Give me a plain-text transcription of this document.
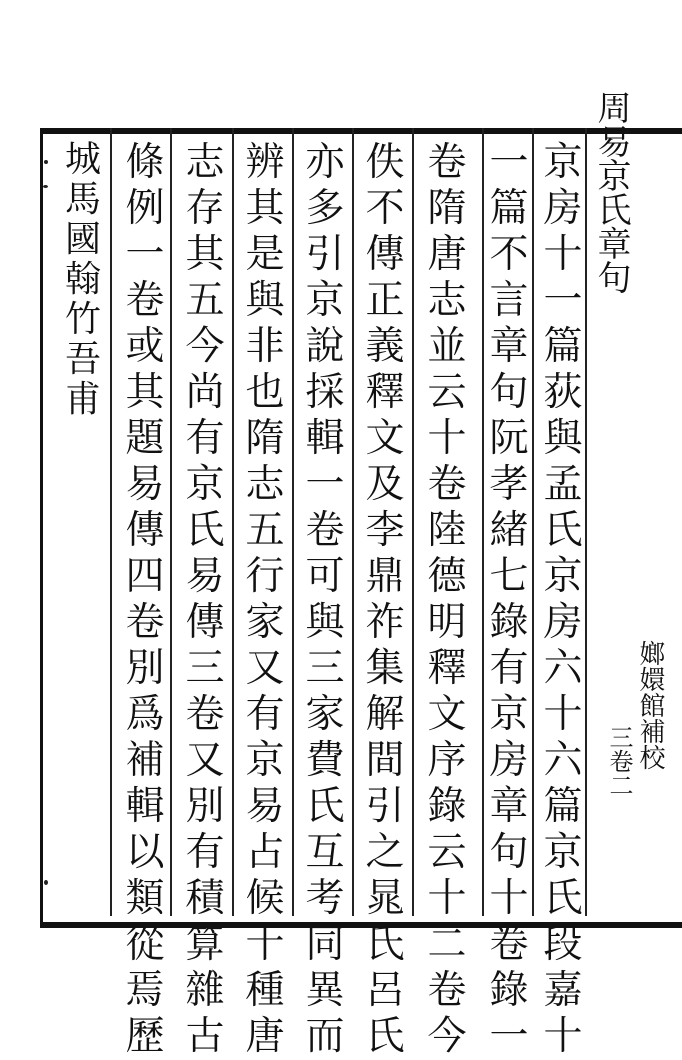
周易京氏章句
三卷二 嫏嬛館補校
京房十一篇荻與孟氏京房六十六篇京氏段嘉十
一篇不言章句阮孝緒七錄有京房章句十卷錄一
卷隋唐志並云十卷陸德明釋文序錄云十二卷今
佚不傳正義釋文及李鼎祚集解間引之晁氏呂氏
亦多引京說採輯一卷可與三家費氏互考同異而
辨其是與非也隋志五行家又有京易占候十種唐
志存其五今尚有京氏易傳三卷又別有積算雜古
條例一卷或其題易傳四卷別爲補輯以類從焉歷
城馬國翰竹吾甫
